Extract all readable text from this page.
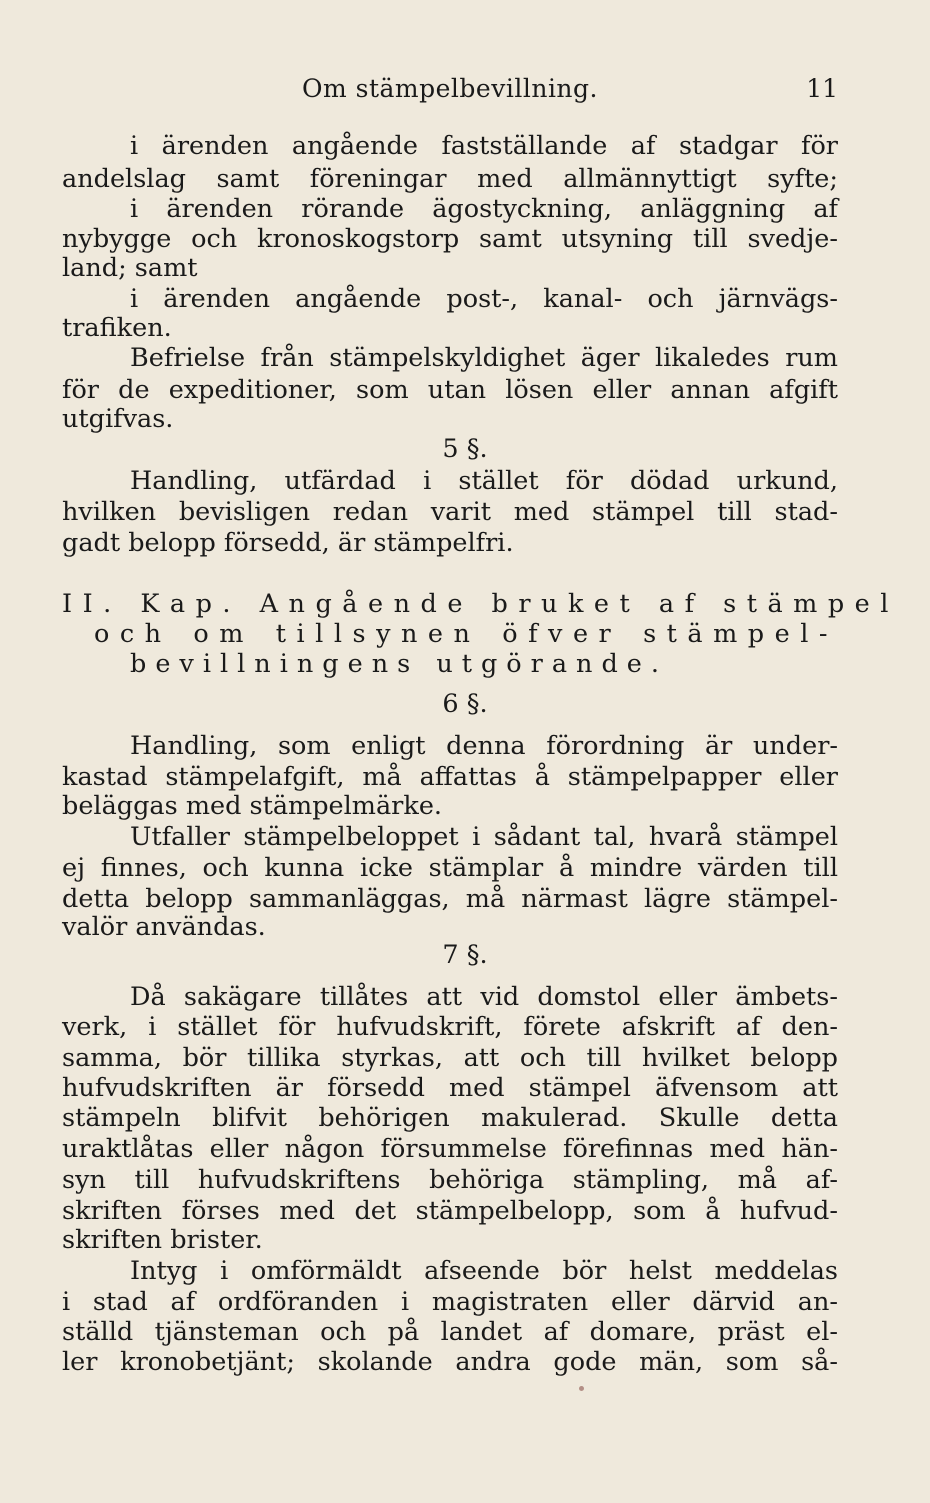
Om stämpelbevillning.	11
i ärenden angående fastställande af stadgar för
andelslag samt föreningar med allmännyttigt syfte;
i ärenden rörande ägostyckning, anläggning af
nybygge och kronoskogstorp samt utsyning till svedje-
land; samt
i ärenden angående post-, kanal- och järnvägs-
trafiken.
Befrielse från stämpelskyldighet äger likaledes rum
för de expeditioner, som utan lösen eller annan afgift
utgifvas.
5 §.
Handling, utfärdad i stället för dödad urkund,
hvilken bevisligen redan varit med stämpel till stad-
gadt belopp försedd, är stämpelfri.
II. Kap. Angående bruket af stämpel
och om tillsynen öfver stämpel-
bevillningens utgörande.
6 §.
Handling, som enligt denna förordning är under-
kastad stämpelafgift, må affattas å stämpelpapper eller
beläggas med stämpelmärke.
Utfaller stämpelbeloppet i sådant tal, hvarå stämpel
ej finnes, och kunna icke stämplar å mindre värden till
detta belopp sammanläggas, må närmast lägre stämpel-
valör användas.
7 §.
Då sakägare tillåtes att vid domstol eller ämbets-
verk, i stället för hufvudskrift, förete afskrift af den-
samma, bör tillika styrkas, att och till hvilket belopp
hufvudskriften är försedd med stämpel äfvensom att
stämpeln blifvit behörigen makulerad. Skulle detta
uraktlåtas eller någon försummelse förefinnas med hän-
syn till hufvudskriftens behöriga stämpling, må af-
skriften förses med det stämpelbelopp, som å hufvud-
skriften brister.
Intyg i omförmäldt afseende bör helst meddelas
i stad af ordföranden i magistraten eller därvid an-
ställd tjänsteman och på landet af domare, präst el-
ler kronobetjänt; skolande andra gode män, som så-
